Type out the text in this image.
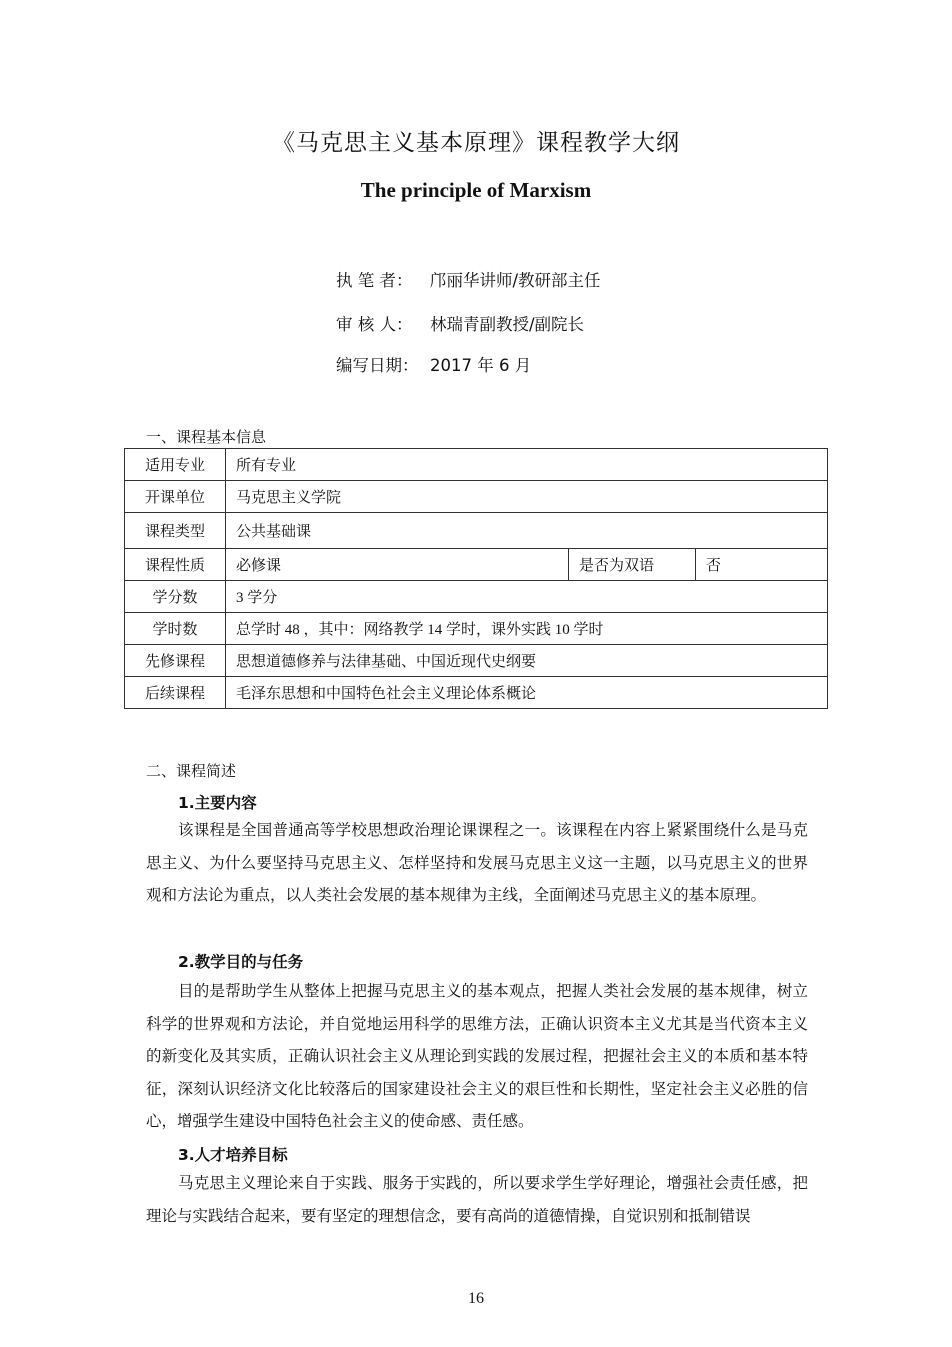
《马克思主义基本原理》课程教学大纲
The principle of Marxism
执 笔 者： 邝丽华讲师/教研部主任
审 核 人： 林瑞青副教授/副院长
编写日期： 2017 年 6 月
一、课程基本信息
适用专业	所有专业		
开课单位	马克思主义学院		
课程类型	公共基础课		
课程性质	必修课	是否为双语	否
学分数	3 学分		
学时数	总学时 48 ，其中：网络教学 14 学时，课外实践 10 学时		
先修课程	思想道德修养与法律基础、中国近现代史纲要		
后续课程	毛泽东思想和中国特色社会主义理论体系概论		
二、课程简述
1.主要内容
该课程是全国普通高等学校思想政治理论课课程之一。该课程在内容上紧紧围绕什么是马克思主义、为什么要坚持马克思主义、怎样坚持和发展马克思主义这一主题，以马克思主义的世界观和方法论为重点，以人类社会发展的基本规律为主线，全面阐述马克思主义的基本原理。
2.教学目的与任务
目的是帮助学生从整体上把握马克思主义的基本观点，把握人类社会发展的基本规律，树立科学的世界观和方法论，并自觉地运用科学的思维方法，正确认识资本主义尤其是当代资本主义的新变化及其实质，正确认识社会主义从理论到实践的发展过程，把握社会主义的本质和基本特征，深刻认识经济文化比较落后的国家建设社会主义的艰巨性和长期性，坚定社会主义必胜的信心，增强学生建设中国特色社会主义的使命感、责任感。
3.人才培养目标
马克思主义理论来自于实践、服务于实践的，所以要求学生学好理论，增强社会责任感，把理论与实践结合起来，要有坚定的理想信念，要有高尚的道德情操，自觉识别和抵制错误
16
